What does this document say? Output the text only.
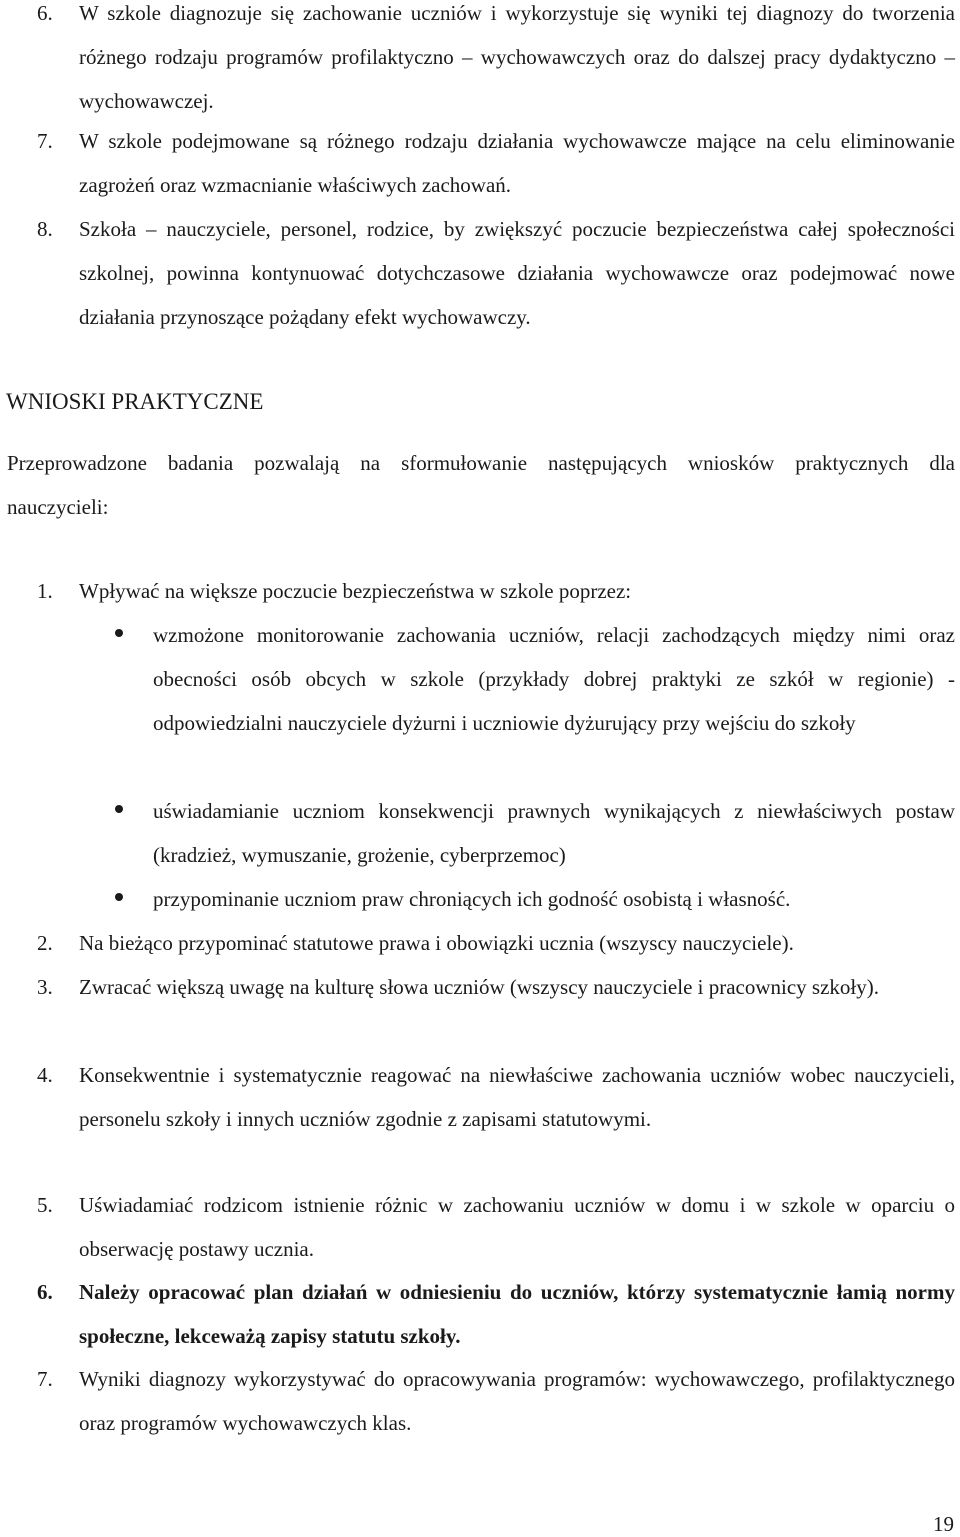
6. W szkole diagnozuje się zachowanie uczniów i wykorzystuje się wyniki tej diagnozy do tworzenia różnego rodzaju programów profilaktyczno – wychowawczych oraz do dalszej pracy dydaktyczno – wychowawczej.
7. W szkole podejmowane są różnego rodzaju działania wychowawcze mające na celu eliminowanie zagrożeń oraz wzmacnianie właściwych zachowań.
8. Szkoła – nauczyciele, personel, rodzice, by zwiększyć poczucie bezpieczeństwa całej społeczności szkolnej, powinna kontynuować dotychczasowe działania wychowawcze oraz podejmować nowe działania przynoszące pożądany efekt wychowawczy.
WNIOSKI PRAKTYCZNE
Przeprowadzone badania pozwalają na sformułowanie następujących wniosków praktycznych dla nauczycieli:
1. Wpływać na większe poczucie bezpieczeństwa w szkole poprzez:
wzmożone monitorowanie zachowania uczniów, relacji zachodzących między nimi oraz obecności osób obcych w szkole (przykłady dobrej praktyki ze szkół w regionie) - odpowiedzialni nauczyciele dyżurni i uczniowie dyżurujący przy wejściu do szkoły
uświadamianie uczniom konsekwencji prawnych wynikających z niewłaściwych postaw (kradzież, wymuszanie, grożenie, cyberprzemoc)
przypominanie uczniom praw chroniących ich godność osobistą i własność.
2. Na bieżąco przypominać statutowe prawa i obowiązki ucznia (wszyscy nauczyciele).
3. Zwracać większą uwagę na kulturę słowa uczniów (wszyscy nauczyciele i pracownicy szkoły).
4. Konsekwentnie i systematycznie reagować na niewłaściwe zachowania uczniów wobec nauczycieli, personelu szkoły i innych uczniów zgodnie z zapisami statutowymi.
5. Uświadamiać rodzicom istnienie różnic w zachowaniu uczniów w domu i w szkole w oparciu o obserwację postawy ucznia.
6. Należy opracować plan działań w odniesieniu do uczniów, którzy systematycznie łamią normy społeczne, lekceważą zapisy statutu szkoły.
7. Wyniki diagnozy wykorzystywać do opracowywania programów: wychowawczego, profilaktycznego oraz programów wychowawczych klas.
19
